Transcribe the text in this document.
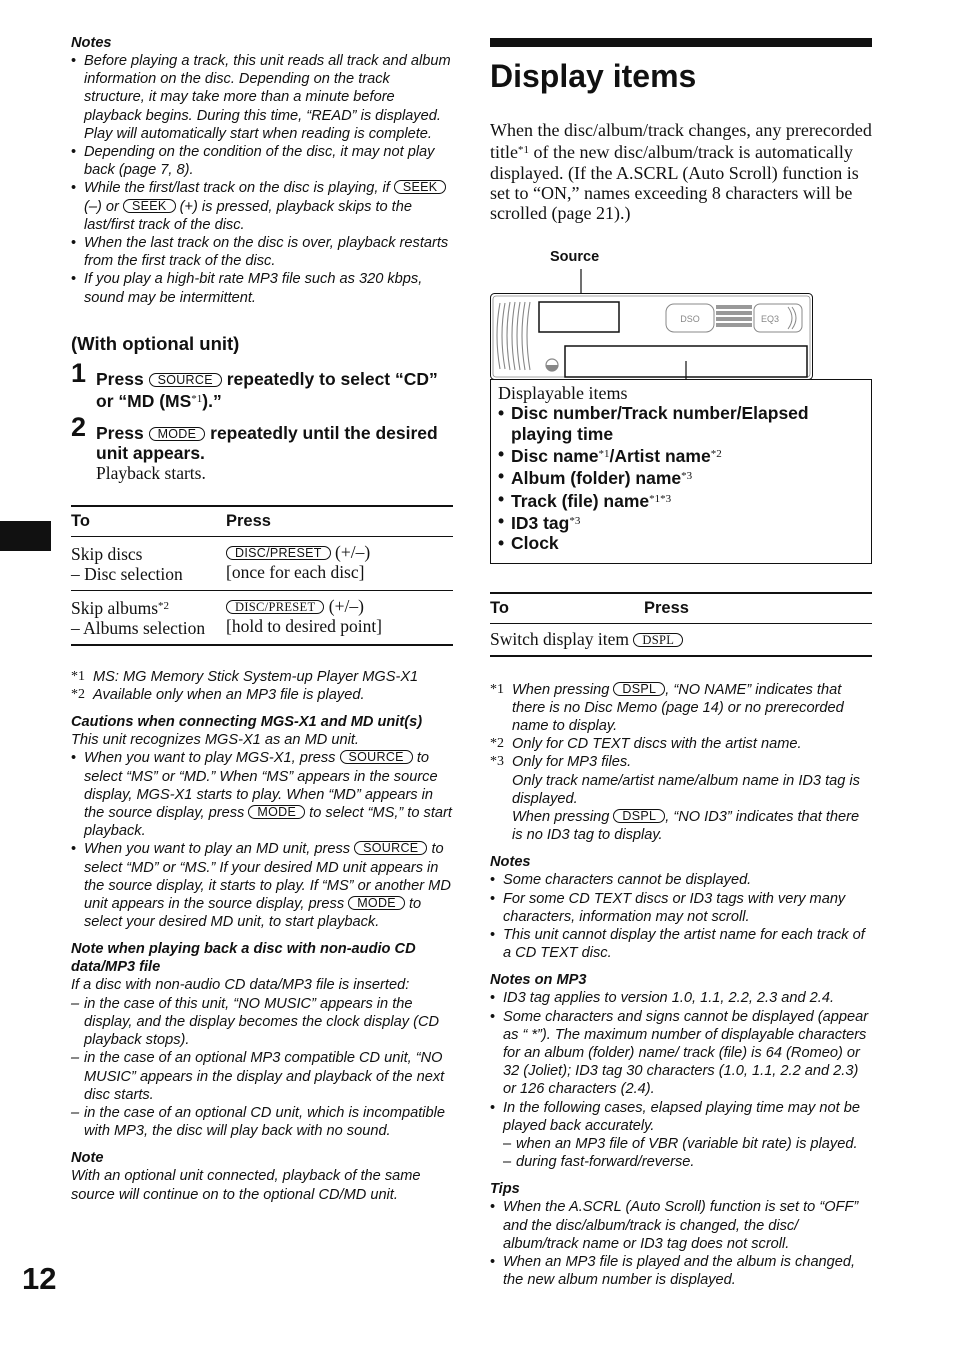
Notes
• Before playing a track, this unit reads all track and album information on the disc. Depending on the track structure, it may take more than a minute before playback begins. During this time, “READ” is displayed. Play will automatically start when reading is complete.
• Depending on the condition of the disc, it may not play back (page 7, 8).
• While the first/last track on the disc is playing, if SEEK (–) or SEEK (+) is pressed, playback skips to the last/first track of the disc.
• When the last track on the disc is over, playback restarts from the first track of the disc.
• If you play a high-bit rate MP3 file such as 320 kbps, sound may be intermittent.
(With optional unit)
1 Press SOURCE repeatedly to select “CD” or “MD (MS$^{*1}$).”
2 Press MODE repeatedly until the desired unit appears.
Playback starts.
To	Press
Skip discs
– Disc selection	DISC/PRESET (+/–)
[once for each disc]
Skip albums$^{*2}$
– Albums selection	DISC/PRESET (+/–)
[hold to desired point]
*1 MS: MG Memory Stick System-up Player MGS-X1
*2 Available only when an MP3 file is played.
Cautions when connecting MGS-X1 and MD unit(s)
This unit recognizes MGS-X1 as an MD unit.
• When you want to play MGS-X1, press SOURCE to select “MS” or “MD.” When “MS” appears in the source display, MGS-X1 starts to play. When “MD” appears in the source display, press MODE to select “MS,” to start playback.
• When you want to play an MD unit, press SOURCE to select “MD” or “MS.” If your desired MD unit appears in the source display, it starts to play. If “MS” or another MD unit appears in the source display, press MODE to select your desired MD unit, to start playback.
Note when playing back a disc with non-audio CD data/MP3 file
If a disc with non-audio CD data/MP3 file is inserted:
– in the case of this unit, “NO MUSIC” appears in the display, and the display becomes the clock display (CD playback stops).
– in the case of an optional MP3 compatible CD unit, “NO MUSIC” appears in the display and playback of the next disc starts.
– in the case of an optional CD unit, which is incompatible with MP3, the disc will play back with no sound.
Note
With an optional unit connected, playback of the same source will continue on to the optional CD/MD unit.
Display items

When the disc/album/track changes, any prerecorded title$^{*1}$ of the new disc/album/track is automatically displayed. (If the A.SCRL (Auto Scroll) function is set to “ON,” names exceeding 8 characters will be scrolled (page 21).)

Source
DSO	EQ3
Displayable items
• Disc number/Track number/Elapsed playing time
• Disc name$^{*1}$/Artist name$^{*2}$
• Album (folder) name$^{*3}$
• Track (file) name$^{*1*3}$
• ID3 tag$^{*3}$
• Clock
To	Press
Switch display item DSPL
*1 When pressing DSPL , “NO NAME” indicates that there is no Disc Memo (page 14) or no prerecorded name to display.
*2 Only for CD TEXT discs with the artist name.
*3 Only for MP3 files.
Only track name/artist name/album name in ID3 tag is displayed.
When pressing DSPL , “NO ID3” indicates that there is no ID3 tag to display.
Notes
• Some characters cannot be displayed.
• For some CD TEXT discs or ID3 tags with very many characters, information may not scroll.
• This unit cannot display the artist name for each track of a CD TEXT disc.
Notes on MP3
• ID3 tag applies to version 1.0, 1.1, 2.2, 2.3 and 2.4.
• Some characters and signs cannot be displayed (appear as “ *”). The maximum number of displayable characters for an album (folder) name/ track (file) is 64 (Romeo) or 32 (Joliet); ID3 tag 30 characters (1.0, 1.1, 2.2 and 2.3) or 126 characters (2.4).
• In the following cases, elapsed playing time may not be played back accurately.
– when an MP3 file of VBR (variable bit rate) is played.
– during fast-forward/reverse.
Tips
• When the A.SCRL (Auto Scroll) function is set to “OFF” and the disc/album/track is changed, the disc/ album/track name or ID3 tag does not scroll.
• When an MP3 file is played and the album is changed, the new album number is displayed.
12
